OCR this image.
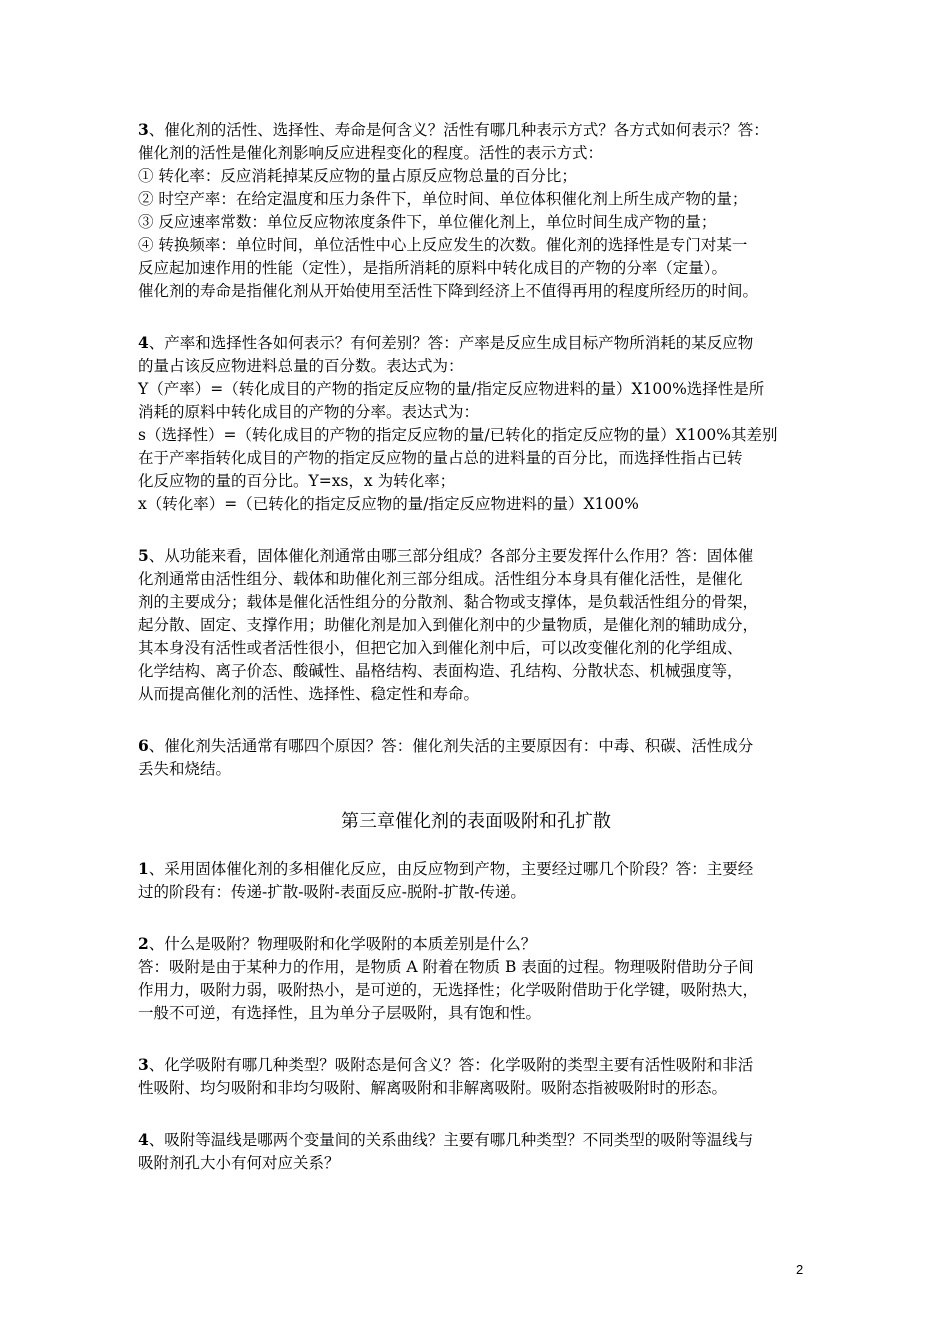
3、催化剂的活性、选择性、寿命是何含义？活性有哪几种表示方式？各方式如何表示？答：
催化剂的活性是催化剂影响反应进程变化的程度。活性的表示方式：
① 转化率：反应消耗掉某反应物的量占原反应物总量的百分比；
② 时空产率：在给定温度和压力条件下，单位时间、单位体积催化剂上所生成产物的量；
③ 反应速率常数：单位反应物浓度条件下，单位催化剂上，单位时间生成产物的量；
④ 转换频率：单位时间，单位活性中心上反应发生的次数。催化剂的选择性是专门对某一
反应起加速作用的性能（定性），是指所消耗的原料中转化成目的产物的分率（定量）。
催化剂的寿命是指催化剂从开始使用至活性下降到经济上不值得再用的程度所经历的时间。
4、产率和选择性各如何表示？有何差别？答：产率是反应生成目标产物所消耗的某反应物
的量占该反应物进料总量的百分数。表达式为：
Y（产率）=（转化成目的产物的指定反应物的量/指定反应物进料的量）X100%选择性是所
消耗的原料中转化成目的产物的分率。表达式为：
s（选择性）=（转化成目的产物的指定反应物的量/已转化的指定反应物的量）X100%其差别
在于产率指转化成目的产物的指定反应物的量占总的进料量的百分比，而选择性指占已转
化反应物的量的百分比。Y=xs，x 为转化率；
x（转化率）=（已转化的指定反应物的量/指定反应物进料的量）X100%
5、从功能来看，固体催化剂通常由哪三部分组成？各部分主要发挥什么作用？答：固体催
化剂通常由活性组分、载体和助催化剂三部分组成。活性组分本身具有催化活性，是催化
剂的主要成分；载体是催化活性组分的分散剂、黏合物或支撑体，是负载活性组分的骨架，
起分散、固定、支撑作用；助催化剂是加入到催化剂中的少量物质，是催化剂的辅助成分，
其本身没有活性或者活性很小，但把它加入到催化剂中后，可以改变催化剂的化学组成、
化学结构、离子价态、酸碱性、晶格结构、表面构造、孔结构、分散状态、机械强度等，
从而提高催化剂的活性、选择性、稳定性和寿命。
6、催化剂失活通常有哪四个原因？答：催化剂失活的主要原因有：中毒、积碳、活性成分
丢失和烧结。
第三章催化剂的表面吸附和孔扩散
1、采用固体催化剂的多相催化反应，由反应物到产物，主要经过哪几个阶段？答：主要经
过的阶段有：传递-扩散-吸附-表面反应-脱附-扩散-传递。
2、什么是吸附？物理吸附和化学吸附的本质差别是什么？
答：吸附是由于某种力的作用，是物质 A 附着在物质 B 表面的过程。物理吸附借助分子间
作用力，吸附力弱，吸附热小，是可逆的，无选择性；化学吸附借助于化学键，吸附热大，
一般不可逆，有选择性，且为单分子层吸附，具有饱和性。
3、化学吸附有哪几种类型？吸附态是何含义？答：化学吸附的类型主要有活性吸附和非活
性吸附、均匀吸附和非均匀吸附、解离吸附和非解离吸附。吸附态指被吸附时的形态。
4、吸附等温线是哪两个变量间的关系曲线？主要有哪几种类型？不同类型的吸附等温线与
吸附剂孔大小有何对应关系？
2
